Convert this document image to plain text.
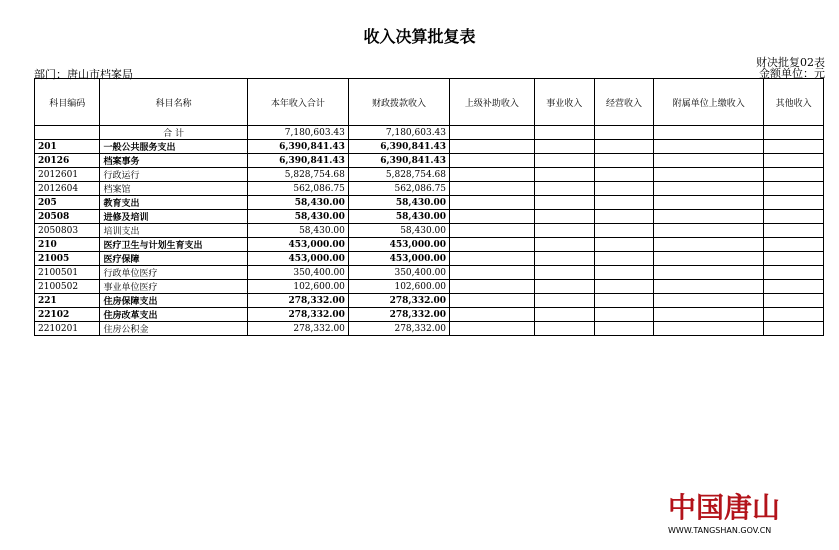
收入决算批复表
财决批复02表
金额单位：元
部门：唐山市档案局
科目编码	科目名称	本年收入合计	财政拨款收入	上级补助收入	事业收入	经营收入	附属单位上缴收入	其他收入
	合 计	7,180,603.43	7,180,603.43					
201	一般公共服务支出	6,390,841.43	6,390,841.43					
20126	档案事务	6,390,841.43	6,390,841.43					
2012601	行政运行	5,828,754.68	5,828,754.68					
2012604	档案馆	562,086.75	562,086.75					
205	教育支出	58,430.00	58,430.00					
20508	进修及培训	58,430.00	58,430.00					
2050803	培训支出	58,430.00	58,430.00					
210	医疗卫生与计划生育支出	453,000.00	453,000.00					
21005	医疗保障	453,000.00	453,000.00					
2100501	行政单位医疗	350,400.00	350,400.00					
2100502	事业单位医疗	102,600.00	102,600.00					
221	住房保障支出	278,332.00	278,332.00					
22102	住房改革支出	278,332.00	278,332.00					
2210201	住房公积金	278,332.00	278,332.00					
中国唐山
WWW.TANGSHAN.GOV.CN
